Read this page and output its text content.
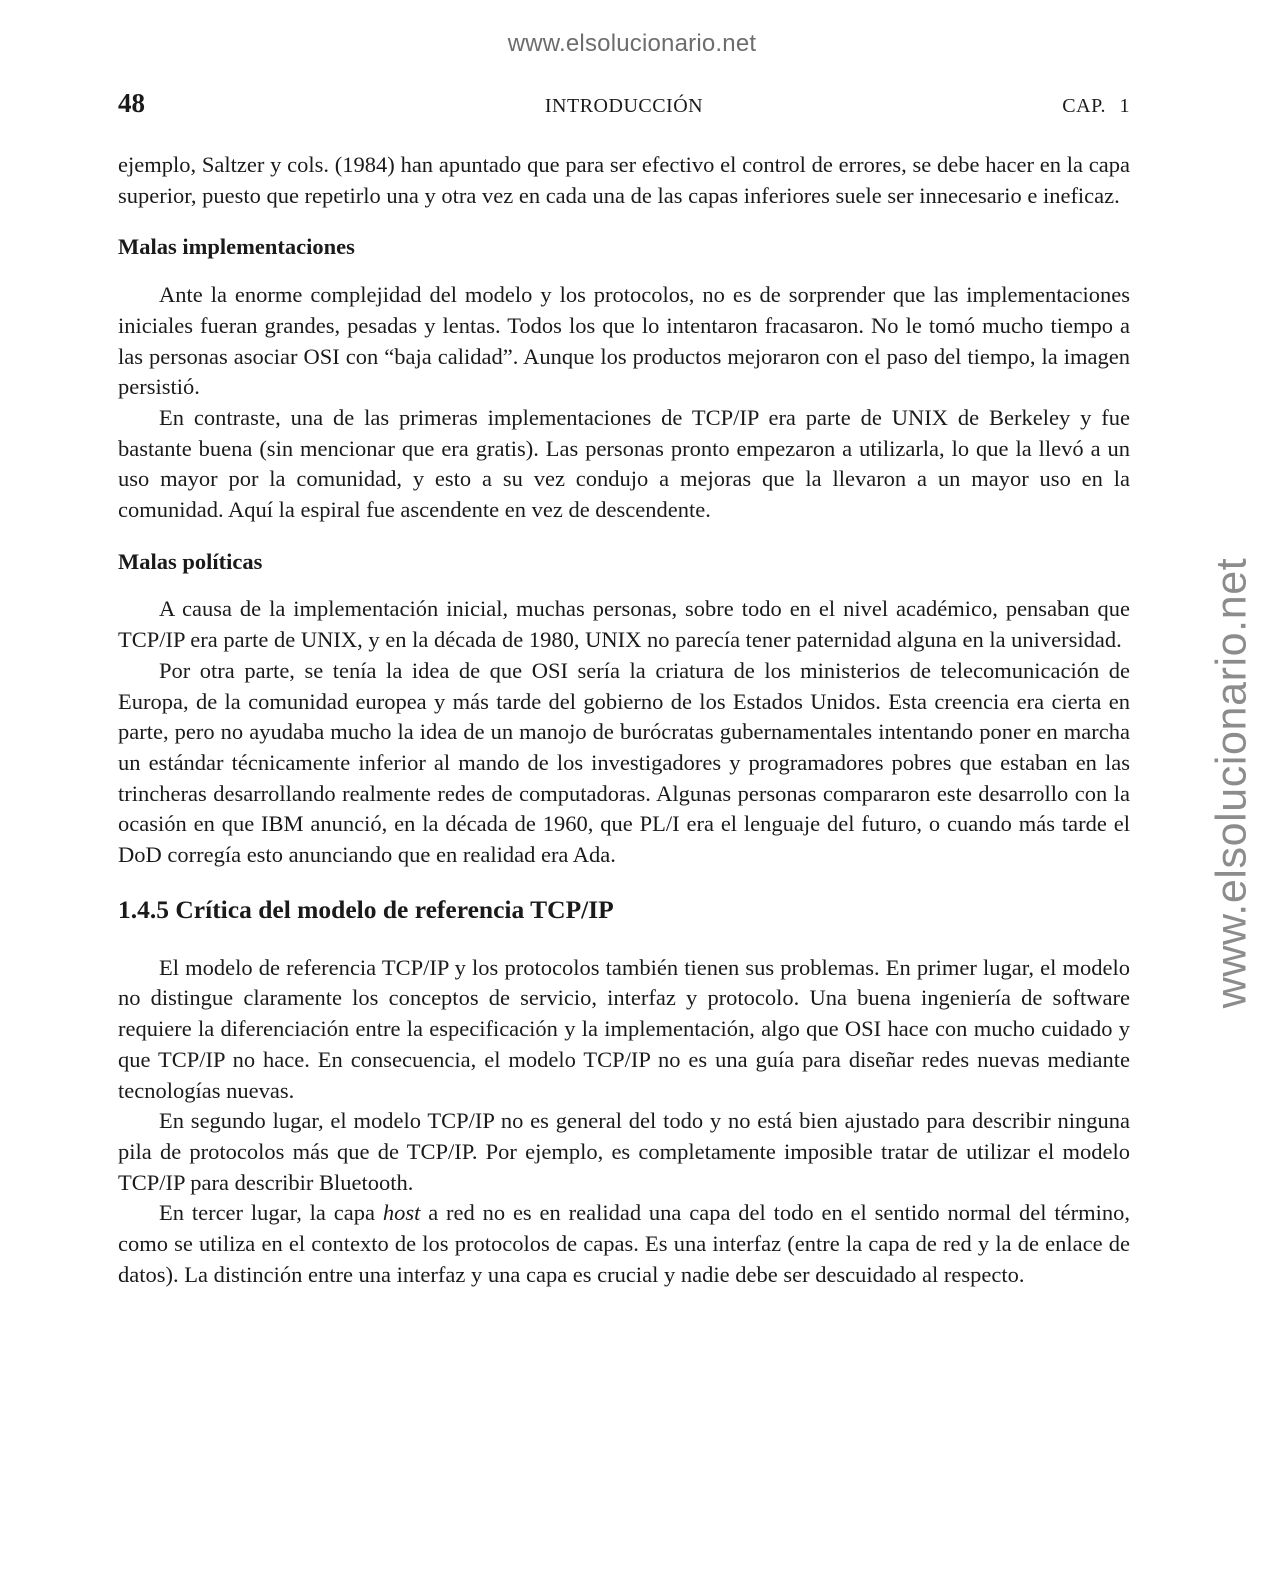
www.elsolucionario.net
www.elsolucionario.net
48	INTRODUCCIÓN	CAP. 1

ejemplo, Saltzer y cols. (1984) han apuntado que para ser efectivo el control de errores, se debe hacer en la capa superior, puesto que repetirlo una y otra vez en cada una de las capas inferiores suele ser innecesario e ineficaz.

Malas implementaciones

Ante la enorme complejidad del modelo y los protocolos, no es de sorprender que las implementaciones iniciales fueran grandes, pesadas y lentas. Todos los que lo intentaron fracasaron. No le tomó mucho tiempo a las personas asociar OSI con “baja calidad”. Aunque los productos mejoraron con el paso del tiempo, la imagen persistió.

En contraste, una de las primeras implementaciones de TCP/IP era parte de UNIX de Berkeley y fue bastante buena (sin mencionar que era gratis). Las personas pronto empezaron a utilizarla, lo que la llevó a un uso mayor por la comunidad, y esto a su vez condujo a mejoras que la llevaron a un mayor uso en la comunidad. Aquí la espiral fue ascendente en vez de descendente.

Malas políticas

A causa de la implementación inicial, muchas personas, sobre todo en el nivel académico, pensaban que TCP/IP era parte de UNIX, y en la década de 1980, UNIX no parecía tener paternidad alguna en la universidad.

Por otra parte, se tenía la idea de que OSI sería la criatura de los ministerios de telecomunicación de Europa, de la comunidad europea y más tarde del gobierno de los Estados Unidos. Esta creencia era cierta en parte, pero no ayudaba mucho la idea de un manojo de burócratas gubernamentales intentando poner en marcha un estándar técnicamente inferior al mando de los investigadores y programadores pobres que estaban en las trincheras desarrollando realmente redes de computadoras. Algunas personas compararon este desarrollo con la ocasión en que IBM anunció, en la década de 1960, que PL/I era el lenguaje del futuro, o cuando más tarde el DoD corregía esto anunciando que en realidad era Ada.

1.4.5 Crítica del modelo de referencia TCP/IP

El modelo de referencia TCP/IP y los protocolos también tienen sus problemas. En primer lugar, el modelo no distingue claramente los conceptos de servicio, interfaz y protocolo. Una buena ingeniería de software requiere la diferenciación entre la especificación y la implementación, algo que OSI hace con mucho cuidado y que TCP/IP no hace. En consecuencia, el modelo TCP/IP no es una guía para diseñar redes nuevas mediante tecnologías nuevas.

En segundo lugar, el modelo TCP/IP no es general del todo y no está bien ajustado para describir ninguna pila de protocolos más que de TCP/IP. Por ejemplo, es completamente imposible tratar de utilizar el modelo TCP/IP para describir Bluetooth.

En tercer lugar, la capa host a red no es en realidad una capa del todo en el sentido normal del término, como se utiliza en el contexto de los protocolos de capas. Es una interfaz (entre la capa de red y la de enlace de datos). La distinción entre una interfaz y una capa es crucial y nadie debe ser descuidado al respecto.
